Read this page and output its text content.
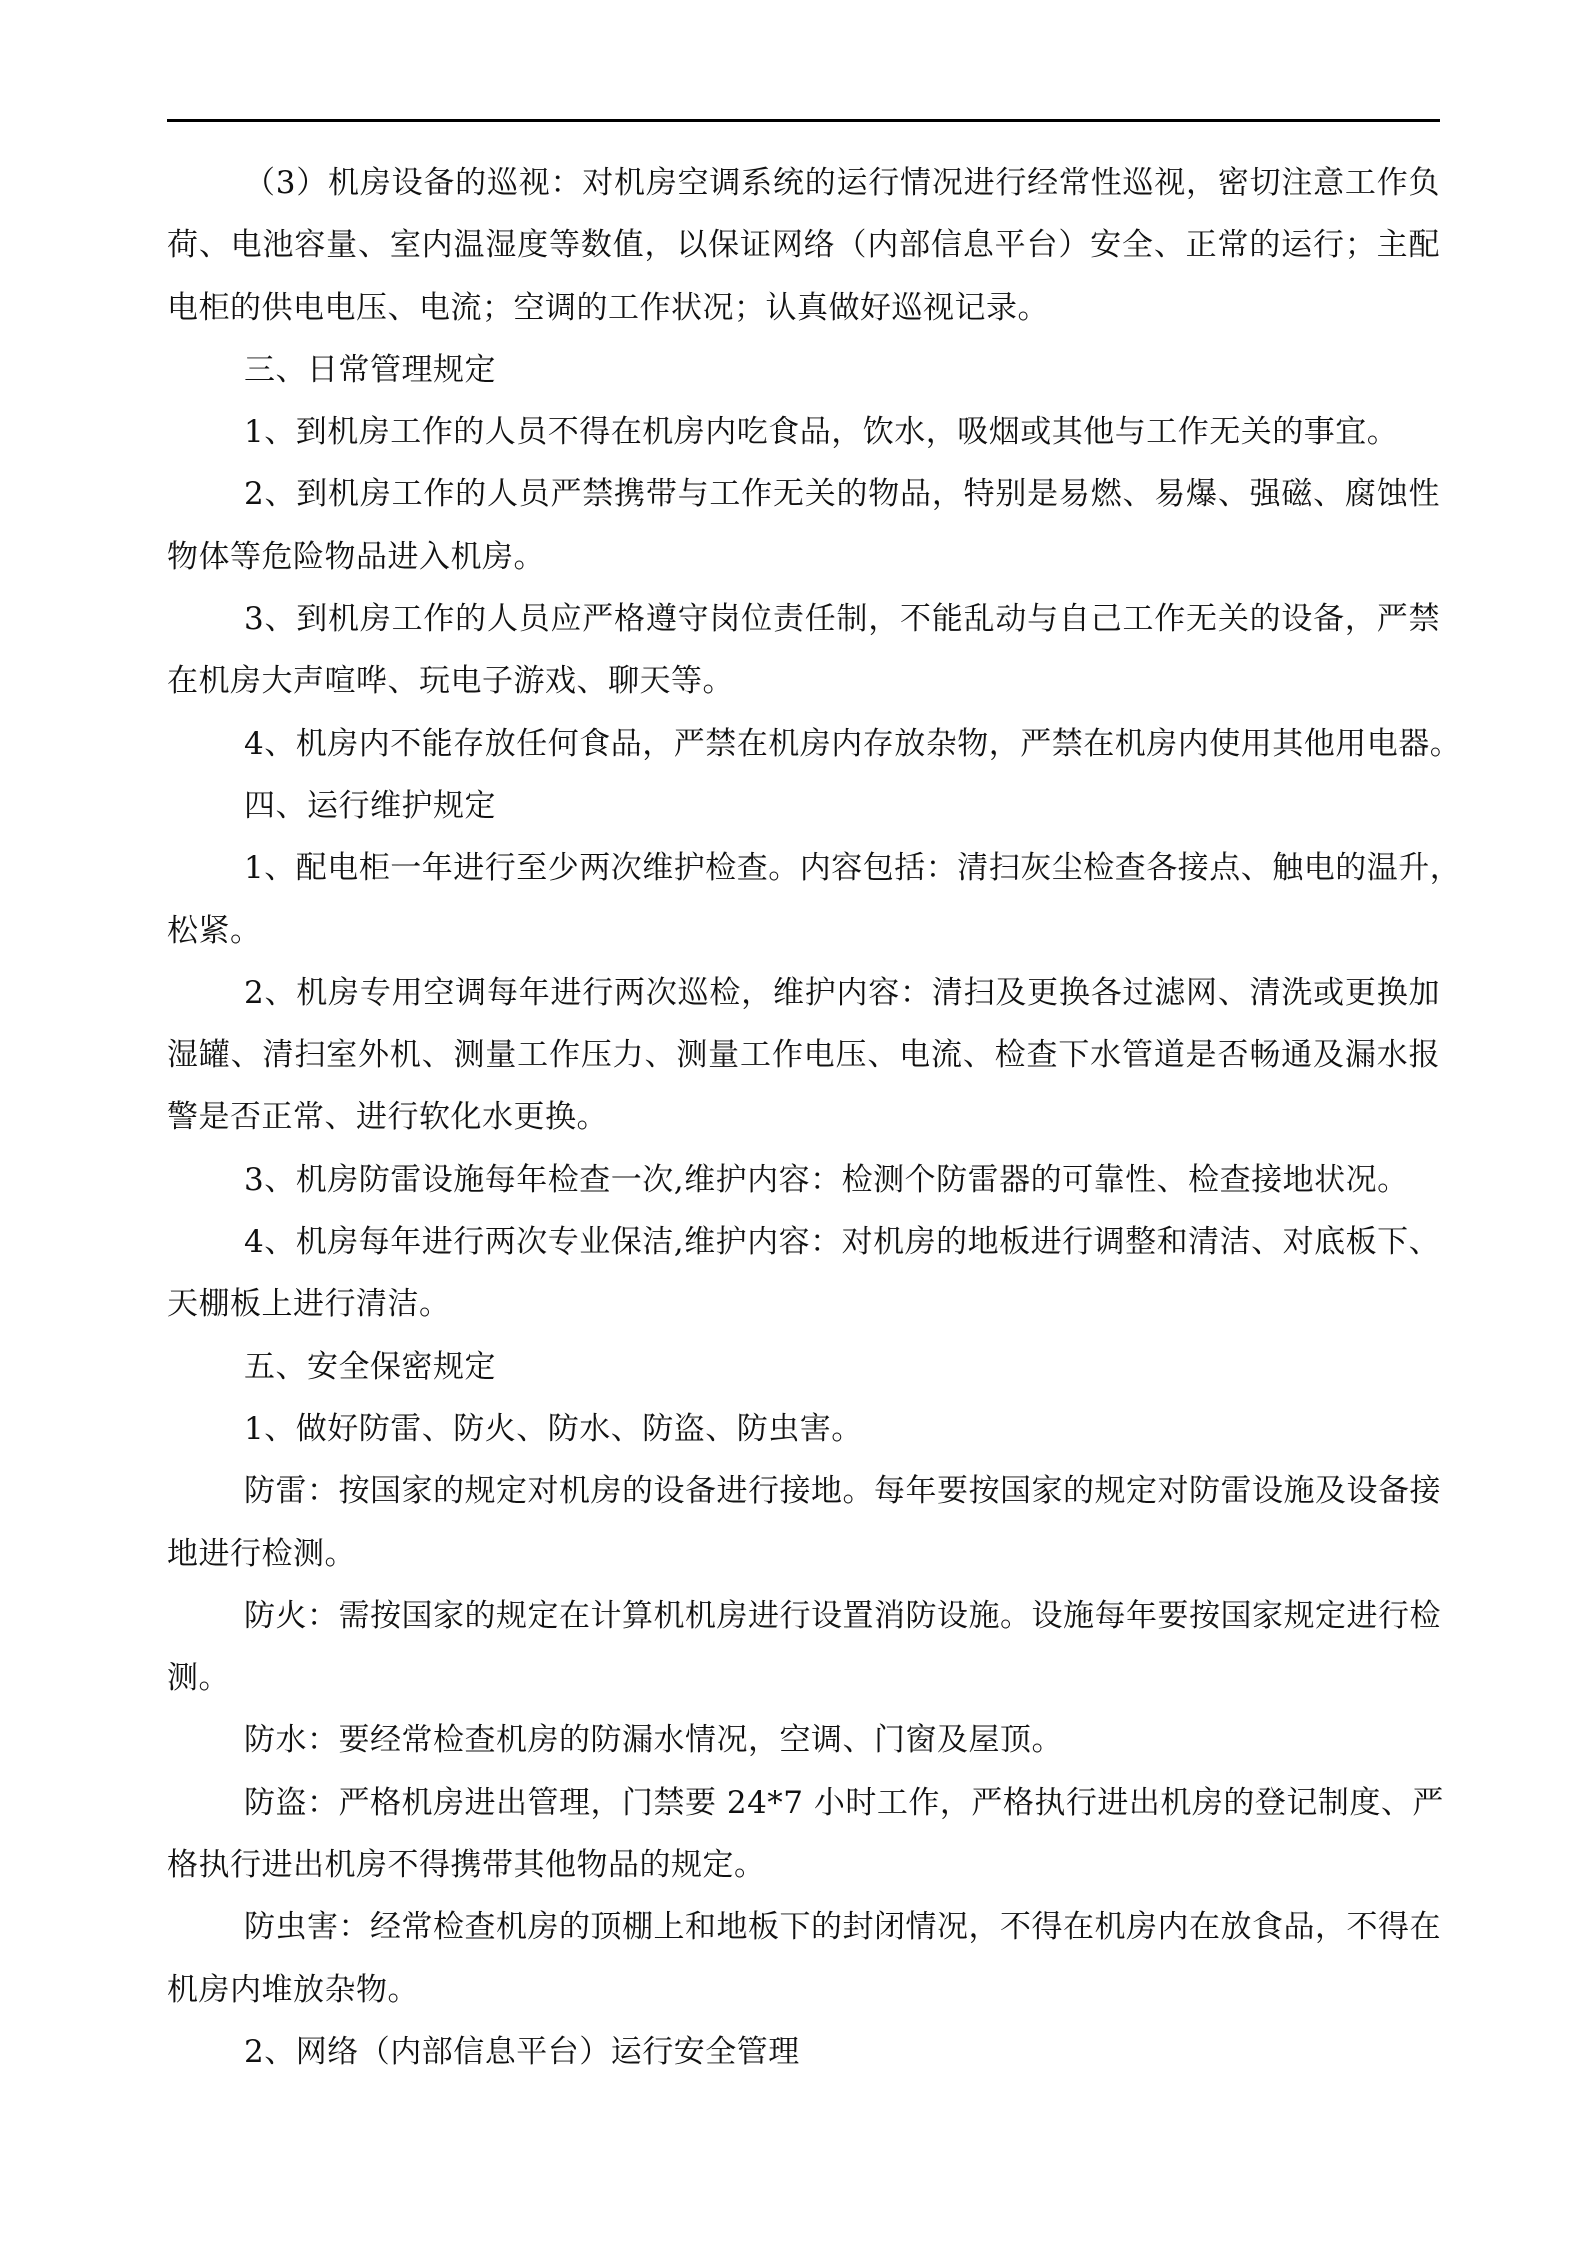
（3）机房设备的巡视：对机房空调系统的运行情况进行经常性巡视，密切注意工作负
荷、电池容量、室内温湿度等数值，以保证网络（内部信息平台）安全、正常的运行；主配
电柜的供电电压、电流；空调的工作状况；认真做好巡视记录。
三、日常管理规定
1、到机房工作的人员不得在机房内吃食品，饮水，吸烟或其他与工作无关的事宜。
2、到机房工作的人员严禁携带与工作无关的物品，特别是易燃、易爆、强磁、腐蚀性
物体等危险物品进入机房。
3、到机房工作的人员应严格遵守岗位责任制，不能乱动与自己工作无关的设备，严禁
在机房大声喧哗、玩电子游戏、聊天等。
4、机房内不能存放任何食品，严禁在机房内存放杂物，严禁在机房内使用其他用电器。
四、运行维护规定
1、配电柜一年进行至少两次维护检查。内容包括：清扫灰尘检查各接点、触电的温升，
松紧。
2、机房专用空调每年进行两次巡检，维护内容：清扫及更换各过滤网、清洗或更换加
湿罐、清扫室外机、测量工作压力、测量工作电压、电流、检查下水管道是否畅通及漏水报
警是否正常、进行软化水更换。
3、机房防雷设施每年检查一次,维护内容：检测个防雷器的可靠性、检查接地状况。
4、机房每年进行两次专业保洁,维护内容：对机房的地板进行调整和清洁、对底板下、
天棚板上进行清洁。
五、安全保密规定
1、做好防雷、防火、防水、防盗、防虫害。
防雷：按国家的规定对机房的设备进行接地。每年要按国家的规定对防雷设施及设备接
地进行检测。
防火：需按国家的规定在计算机机房进行设置消防设施。设施每年要按国家规定进行检
测。
防水：要经常检查机房的防漏水情况，空调、门窗及屋顶。
防盗：严格机房进出管理，门禁要 24*7 小时工作，严格执行进出机房的登记制度、严
格执行进出机房不得携带其他物品的规定。
防虫害：经常检查机房的顶棚上和地板下的封闭情况，不得在机房内在放食品，不得在
机房内堆放杂物。
2、网络（内部信息平台）运行安全管理
